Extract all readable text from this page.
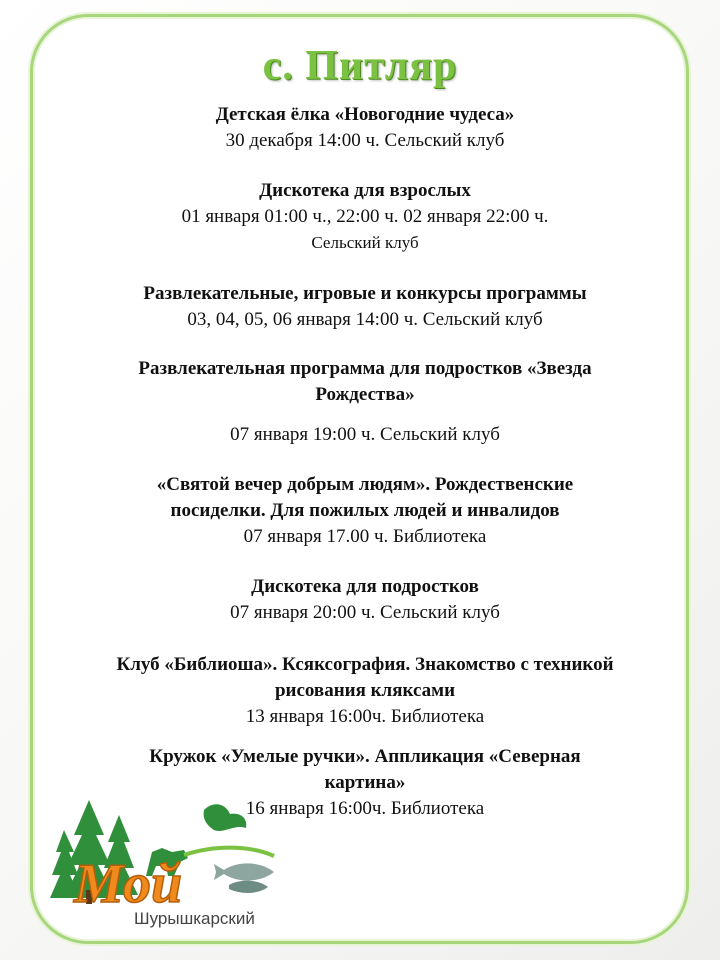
с. Питляр
Детская ёлка «Новогодние чудеса»
30 декабря 14:00 ч. Сельский клуб
Дискотека для взрослых
01 января 01:00 ч., 22:00 ч. 02 января 22:00 ч.
Сельский клуб
Развлекательные, игровые и конкурсы программы
03, 04, 05, 06 января 14:00 ч. Сельский клуб
Развлекательная программа для подростков «Звезда
Рождества»
07 января 19:00 ч. Сельский клуб
«Святой вечер добрым людям». Рождественские
посиделки. Для пожилых людей и инвалидов
07 января 17.00 ч. Библиотека
Дискотека для подростков
07 января 20:00 ч. Сельский клуб
Клуб «Библиоша». Ксяксография. Знакомство с техникой
рисования кляксами
13 января 16:00ч. Библиотека
Кружок «Умелые ручки». Аппликация «Северная
картина»
16 января 16:00ч. Библиотека
Мой
Шурышкарский
